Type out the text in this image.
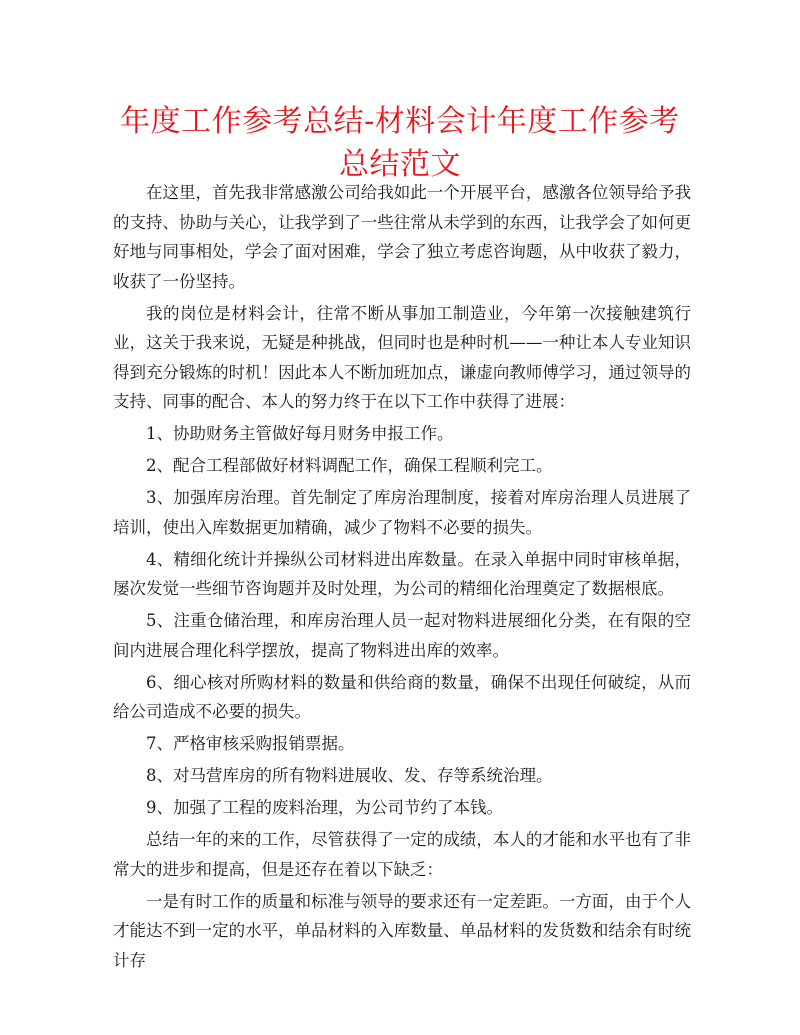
年度工作参考总结-材料会计年度工作参考总结范文

在这里，首先我非常感激公司给我如此一个开展平台，感激各位领导给予我的支持、协助与关心，让我学到了一些往常从未学到的东西，让我学会了如何更好地与同事相处，学会了面对困难，学会了独立考虑咨询题，从中收获了毅力，收获了一份坚持。

我的岗位是材料会计，往常不断从事加工制造业，今年第一次接触建筑行业，这关于我来说，无疑是种挑战，但同时也是种时机——一种让本人专业知识得到充分锻炼的时机！因此本人不断加班加点，谦虚向教师傅学习，通过领导的支持、同事的配合、本人的努力终于在以下工作中获得了进展：

1、协助财务主管做好每月财务申报工作。

2、配合工程部做好材料调配工作，确保工程顺利完工。

3、加强库房治理。首先制定了库房治理制度，接着对库房治理人员进展了培训，使出入库数据更加精确，减少了物料不必要的损失。

4、精细化统计并操纵公司材料进出库数量。在录入单据中同时审核单据，屡次发觉一些细节咨询题并及时处理，为公司的精细化治理奠定了数据根底。

5、注重仓储治理，和库房治理人员一起对物料进展细化分类，在有限的空间内进展合理化科学摆放，提高了物料进出库的效率。

6、细心核对所购材料的数量和供给商的数量，确保不出现任何破绽，从而给公司造成不必要的损失。

7、严格审核采购报销票据。

8、对马营库房的所有物料进展收、发、存等系统治理。

9、加强了工程的废料治理，为公司节约了本钱。

总结一年的来的工作，尽管获得了一定的成绩，本人的才能和水平也有了非常大的进步和提高，但是还存在着以下缺乏：

一是有时工作的质量和标准与领导的要求还有一定差距。一方面，由于个人才能达不到一定的水平，单品材料的入库数量、单品材料的发货数和结余有时统计存
